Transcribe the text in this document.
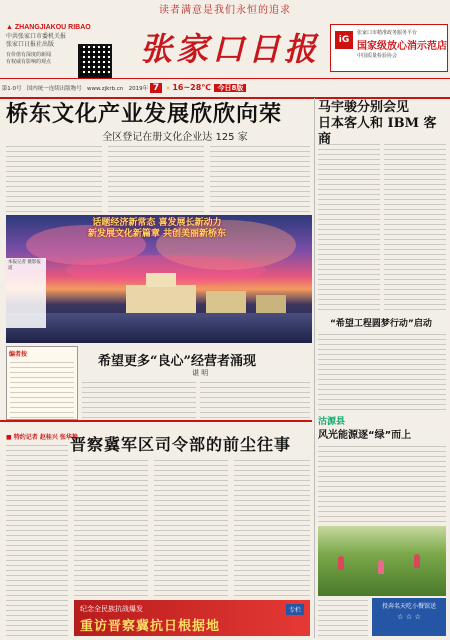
读者满意是我们永恒的追求
▲ ZHANGJIAKOU RIBAO
中共张家口市委机关报
张家口日报社出版
有价值有深度的新闻
有权威有影响的观点	张家口日报	iG
张家口市精准政务服务平台
国家级放心消示范店
中国质量检验协会
第1·0号 国内统一连续出版物号 www.zjkrb.cn 2019年 7 ☀ 16~28℃ 今日8版
桥东文化产业发展欣欣向荣
全区登记在册文化企业达 125 家
话题经济新常态 喜发展长新动力
新发展文化新篇章 共创美丽新桥东
本报记者 摄影报道
编者按	希望更多“良心”经营者涌现
谌 明
马宇骏分别会见
日本客人和 IBM 客商
“希望工程圆梦行动”启动
沽源县
风光能源逐“绿”而上
投奔名天吃小餐馆送
☆ ☆ ☆
■ 特约记者 赵桂兴 张华艳
晋察冀军区司令部的前尘往事
纪念全民族抗战爆发
重访晋察冀抗日根据地
专栏
